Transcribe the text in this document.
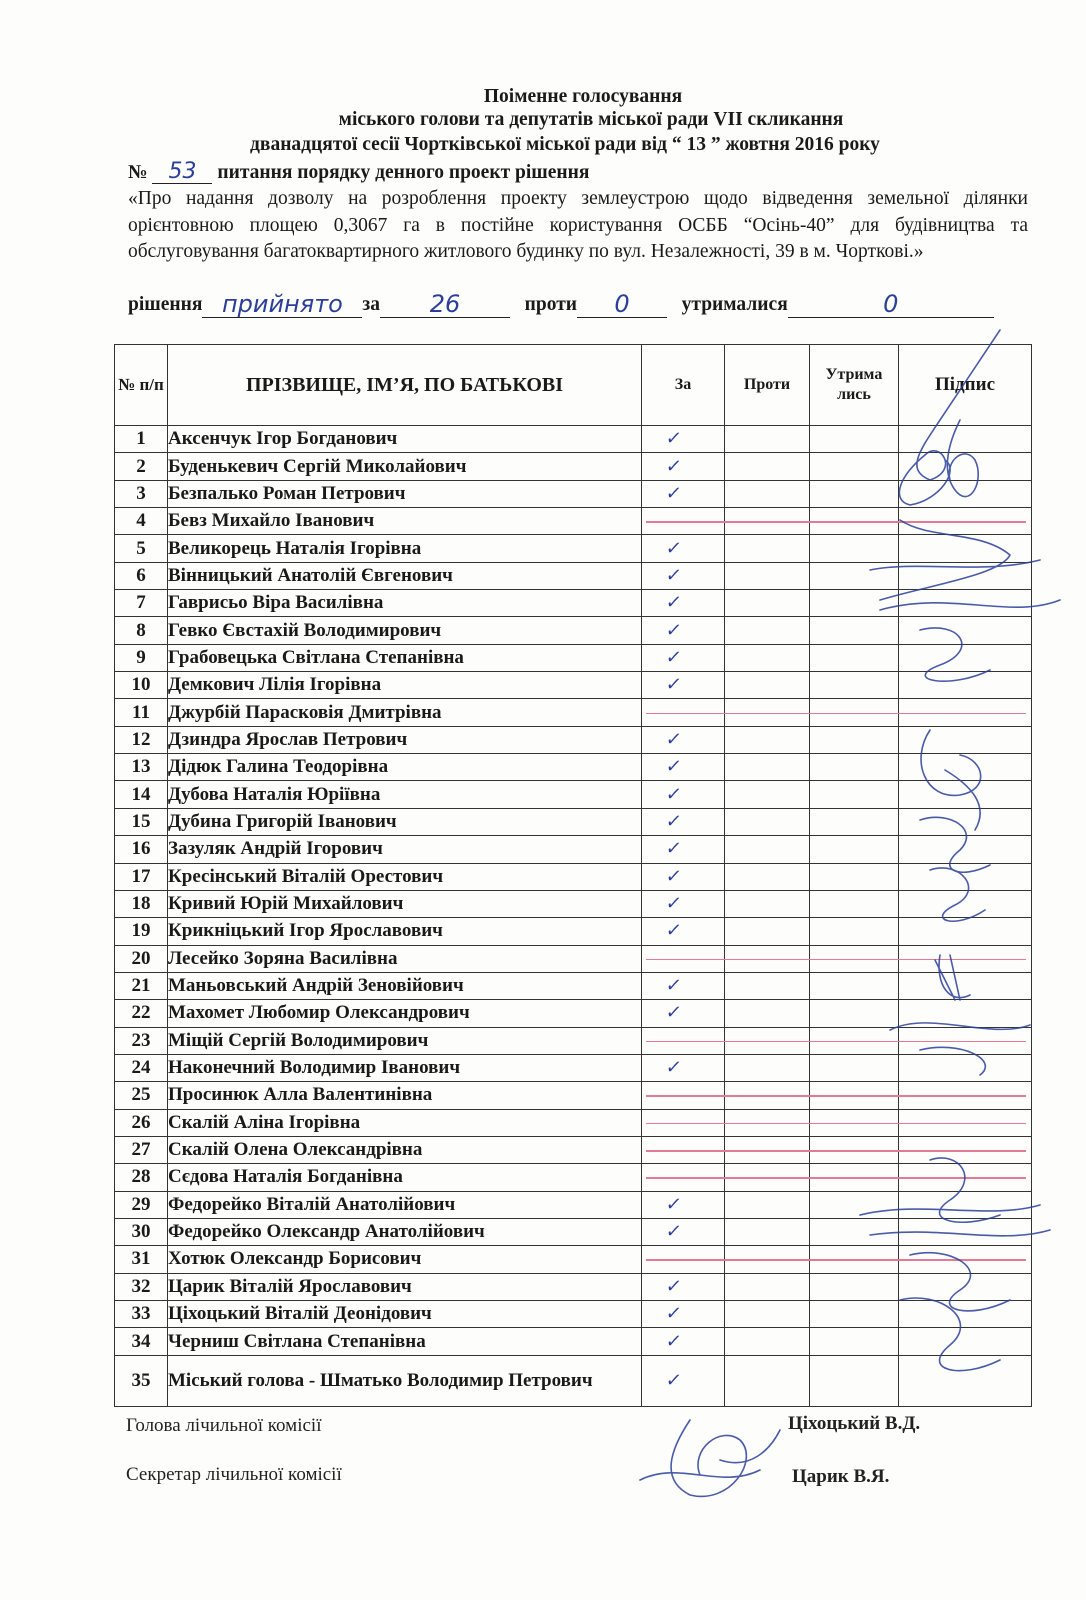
Поіменне голосування
міського голови та депутатів міської ради VІІ скликання
дванадцятої сесії Чортківської міської ради від “ 13 ” жовтня 2016 року
№ 53 питання порядку денного проект рішення
«Про надання дозволу на розроблення проекту землеустрою щодо відведення земельної ділянки орієнтовною площею 0,3067 га в постійне користування ОСББ “Осінь-40” для будівництва та обслуговування багатоквартирного житлового будинку по вул. Незалежності, 39 в м. Чорткові.»
рішення прийнято за 26	проти 0	утрималися	0
№ п/п	ПРІЗВИЩЕ, ІМ’Я, ПО БАТЬКОВІ	За	Проти	Утрима лись	Підпис
1	Аксенчук Ігор Богданович	✓			
2	Буденькевич Сергій Миколайович	✓			
3	Безпалько Роман Петрович	✓			
4	Бевз Михайло Іванович				
5	Великорець Наталія Ігорівна	✓			
6	Вінницький Анатолій Євгенович	✓			
7	Гаврисьо Віра Василівна	✓			
8	Гевко Євстахій Володимирович	✓			
9	Грабовецька Світлана Степанівна	✓			
10	Демкович Лілія Ігорівна	✓			
11	Джурбій Парасковія Дмитрівна				
12	Дзиндра Ярослав Петрович	✓			
13	Дідюк Галина Теодорівна	✓			
14	Дубова Наталія Юріївна	✓			
15	Дубина Григорій Іванович	✓			
16	Зазуляк Андрій Ігорович	✓			
17	Кресінський Віталій Орестович	✓			
18	Кривий Юрій Михайлович	✓			
19	Крикніцький Ігор Ярославович	✓			
20	Лесейко Зоряна Василівна				
21	Маньовський Андрій Зеновійович	✓			
22	Махомет Любомир Олександрович	✓			
23	Міщій Сергій Володимирович				
24	Наконечний Володимир Іванович	✓			
25	Просинюк Алла Валентинівна				
26	Скалій Аліна Ігорівна				
27	Скалій Олена Олександрівна				
28	Сєдова Наталія Богданівна				
29	Федорейко Віталій Анатолійович	✓			
30	Федорейко Олександр Анатолійович	✓			
31	Хотюк Олександр Борисович				
32	Царик Віталій Ярославович	✓			
33	Ціхоцький Віталій Деонідович	✓			
34	Черниш Світлана Степанівна	✓			
35	Міський голова - Шматько Володимир Петрович	✓			
Голова лічильної комісії	Ціхоцький В.Д.
Секретар лічильної комісії	Царик В.Я.
